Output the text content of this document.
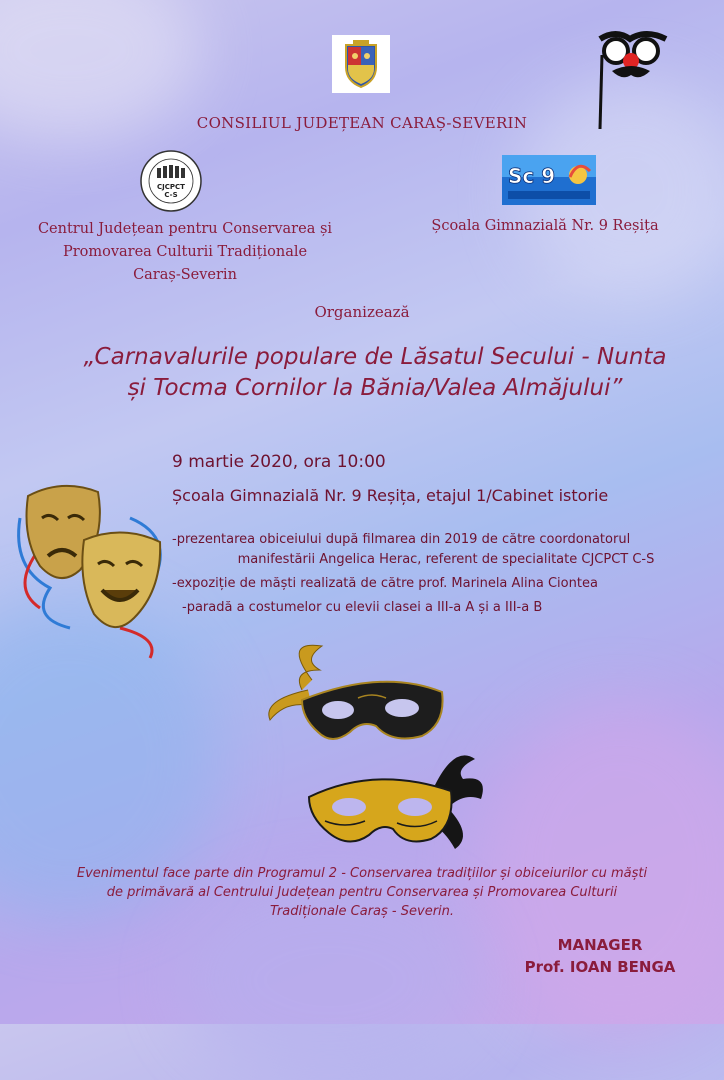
CONSILIUL JUDEȚEAN CARAȘ-SEVERIN
CJCPCT
C-S
Sc 9
Centrul Județean pentru Conservarea și
Promovarea Culturii Tradiționale
Caraș-Severin
Școala Gimnazială Nr. 9 Reșița
Organizează
„Carnavalurile populare de Lăsatul Secului - Nunta
și Tocma Cornilor la Bănia/Valea Almăjului”
9 martie 2020, ora 10:00
Școala Gimnazială Nr. 9 Reșița, etajul 1/Cabinet istorie
-prezentarea obiceiului după filmarea din 2019 de către coordonatorul
manifestării Angelica Herac, referent de specialitate CJCPCT C-S
-expoziție de măști realizată de către prof. Marinela Alina Ciontea
-paradă a costumelor cu elevii clasei a III-a A și a III-a B
Evenimentul face parte din Programul 2 - Conservarea tradițiilor și obiceiurilor cu măști
de primăvară al Centrului Județean pentru Conservarea și Promovarea Culturii
Tradiționale Caraș - Severin.
MANAGER
Prof. IOAN BENGA
